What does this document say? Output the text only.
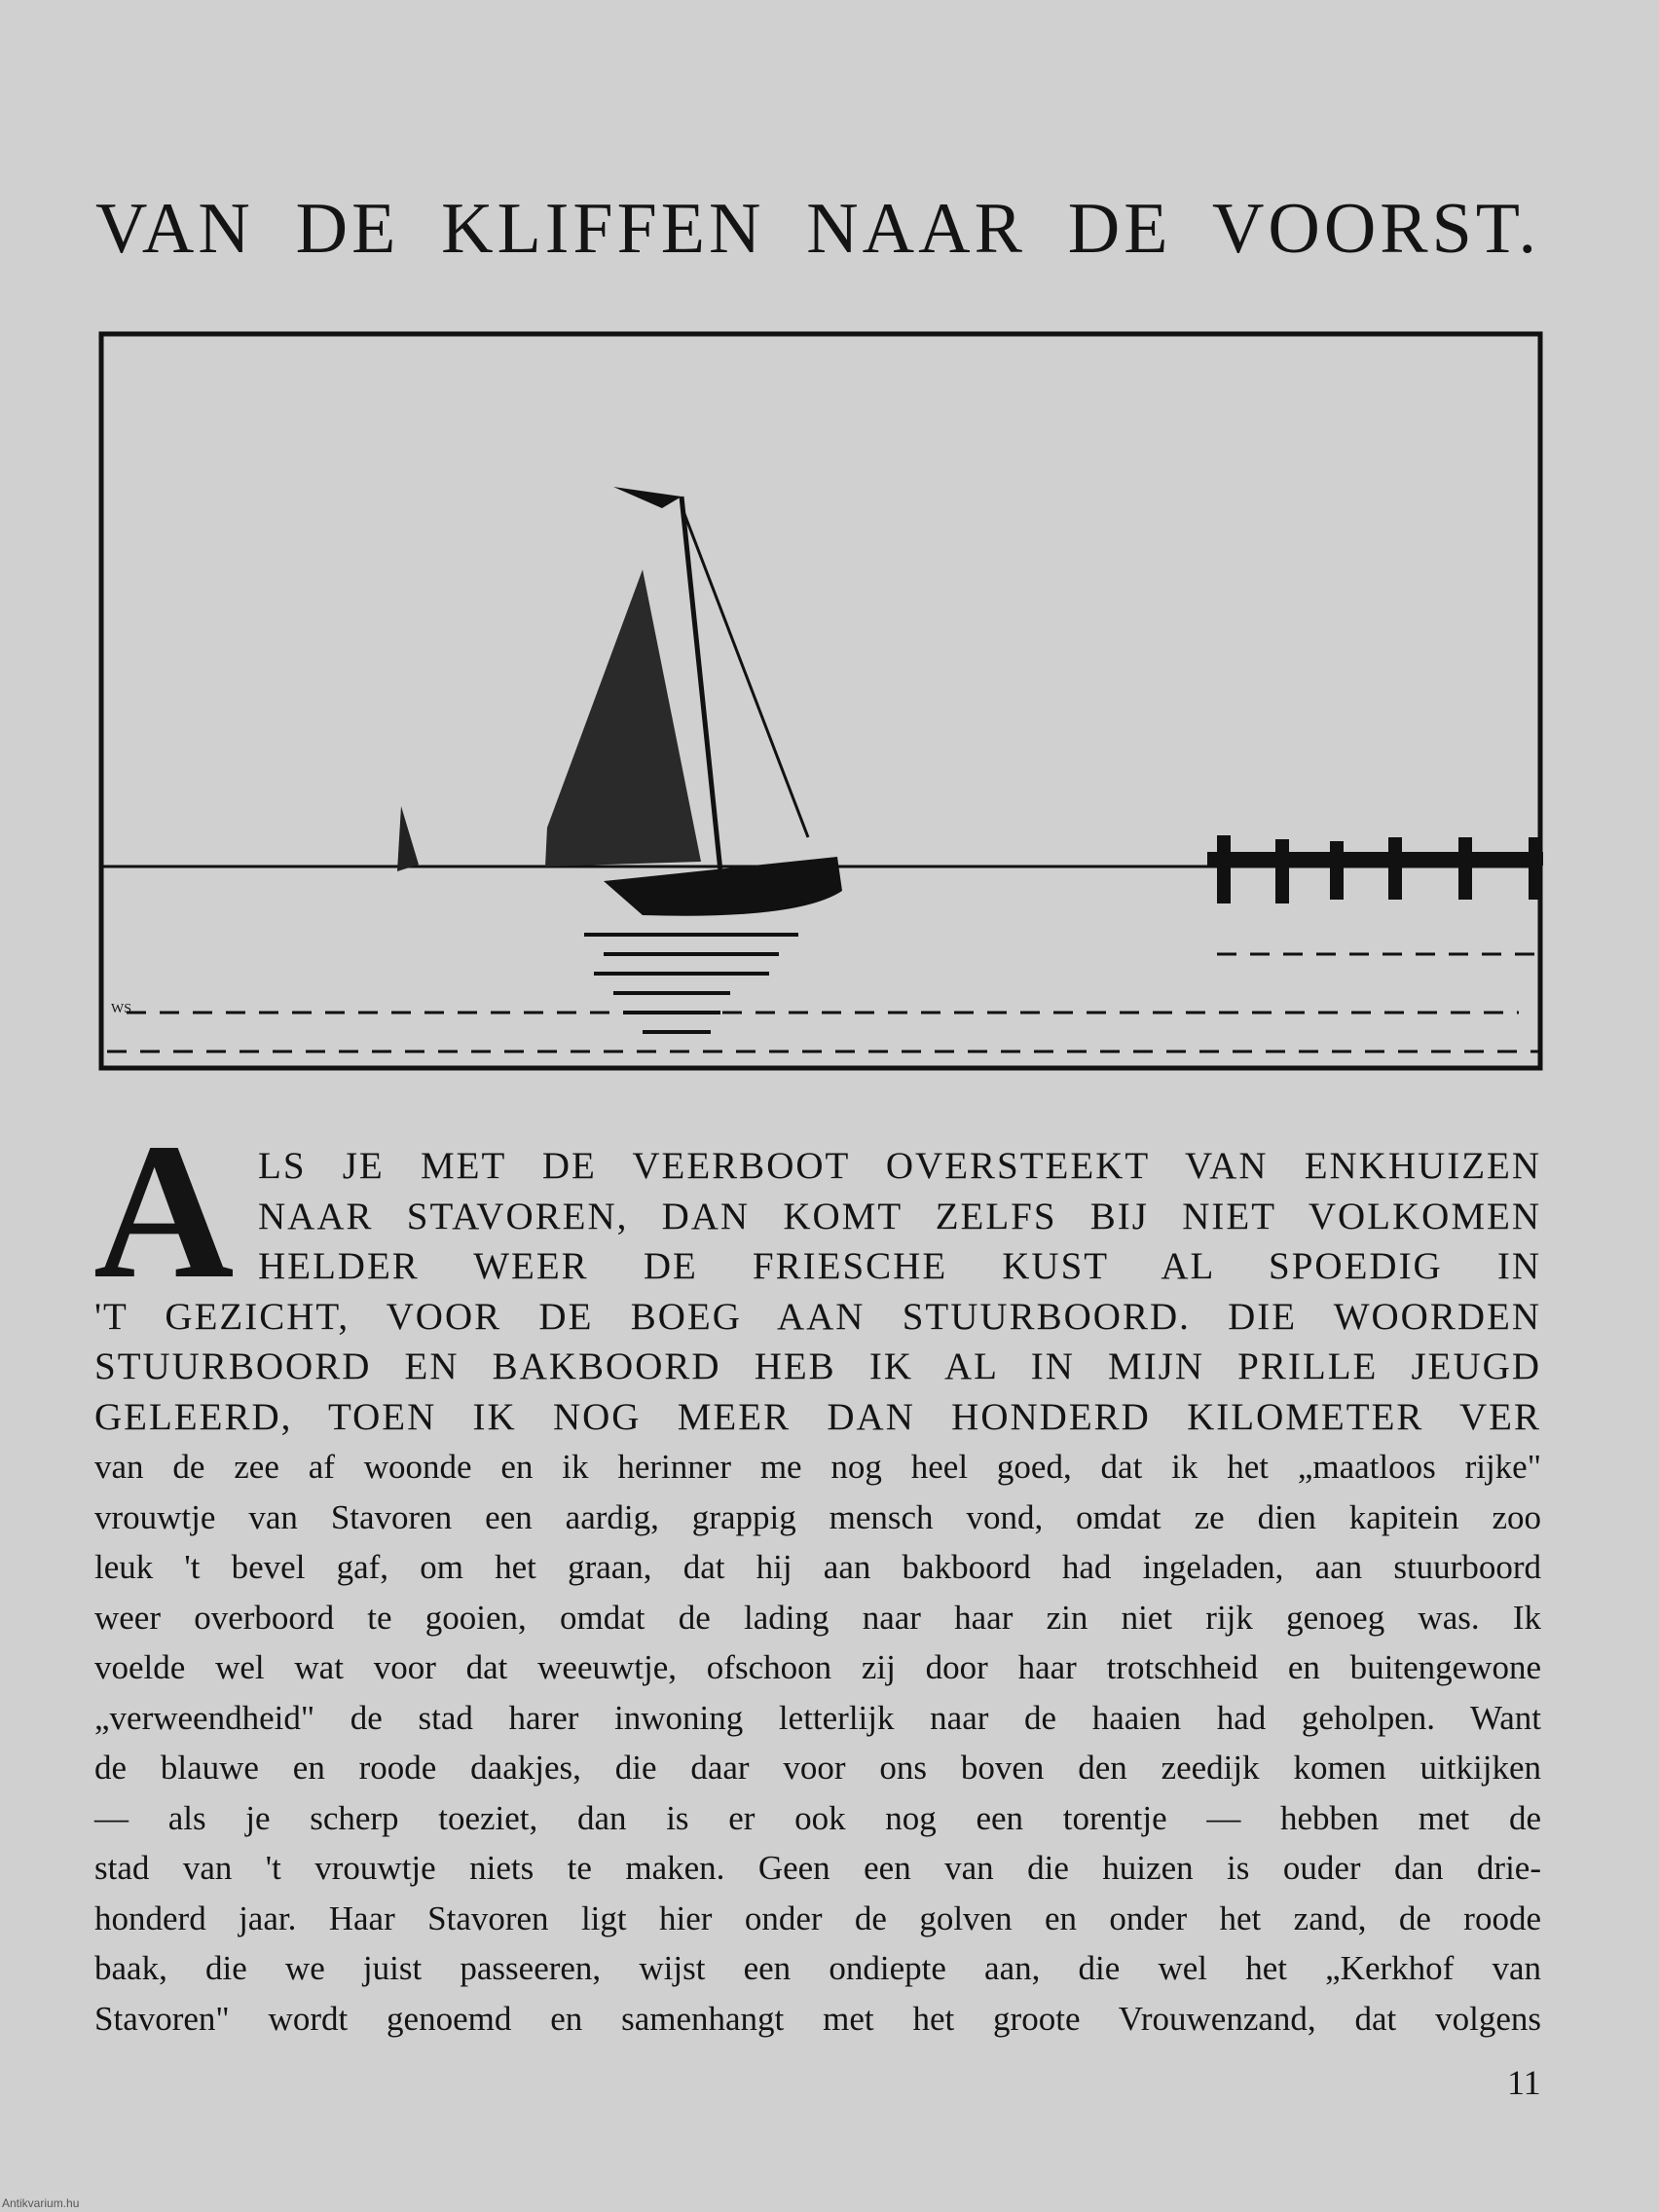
VAN DE KLIFFEN NAAR DE VOORST.
WS
A LS JE MET DE VEERBOOT OVERSTEEKT VAN ENKHUIZEN
NAAR STAVOREN, DAN KOMT ZELFS BIJ NIET VOLKOMEN
HELDER WEER DE FRIESCHE KUST AL SPOEDIG IN
'T GEZICHT, VOOR DE BOEG AAN STUURBOORD. DIE WOORDEN
STUURBOORD EN BAKBOORD HEB IK AL IN MIJN PRILLE JEUGD
GELEERD, TOEN IK NOG MEER DAN HONDERD KILOMETER VER
van de zee af woonde en ik herinner me nog heel goed, dat ik het „maatloos rijke"
vrouwtje van Stavoren een aardig, grappig mensch vond, omdat ze dien kapitein zoo
leuk 't bevel gaf, om het graan, dat hij aan bakboord had ingeladen, aan stuurboord
weer overboord te gooien, omdat de lading naar haar zin niet rijk genoeg was. Ik
voelde wel wat voor dat weeuwtje, ofschoon zij door haar trotschheid en buitengewone
„verweendheid" de stad harer inwoning letterlijk naar de haaien had geholpen. Want
de blauwe en roode daakjes, die daar voor ons boven den zeedijk komen uitkijken
— als je scherp toeziet, dan is er ook nog een torentje — hebben met de
stad van 't vrouwtje niets te maken. Geen een van die huizen is ouder dan drie-
honderd jaar. Haar Stavoren ligt hier onder de golven en onder het zand, de roode
baak, die we juist passeeren, wijst een ondiepte aan, die wel het „Kerkhof van
Stavoren" wordt genoemd en samenhangt met het groote Vrouwenzand, dat volgens
11
Antikvarium.hu
